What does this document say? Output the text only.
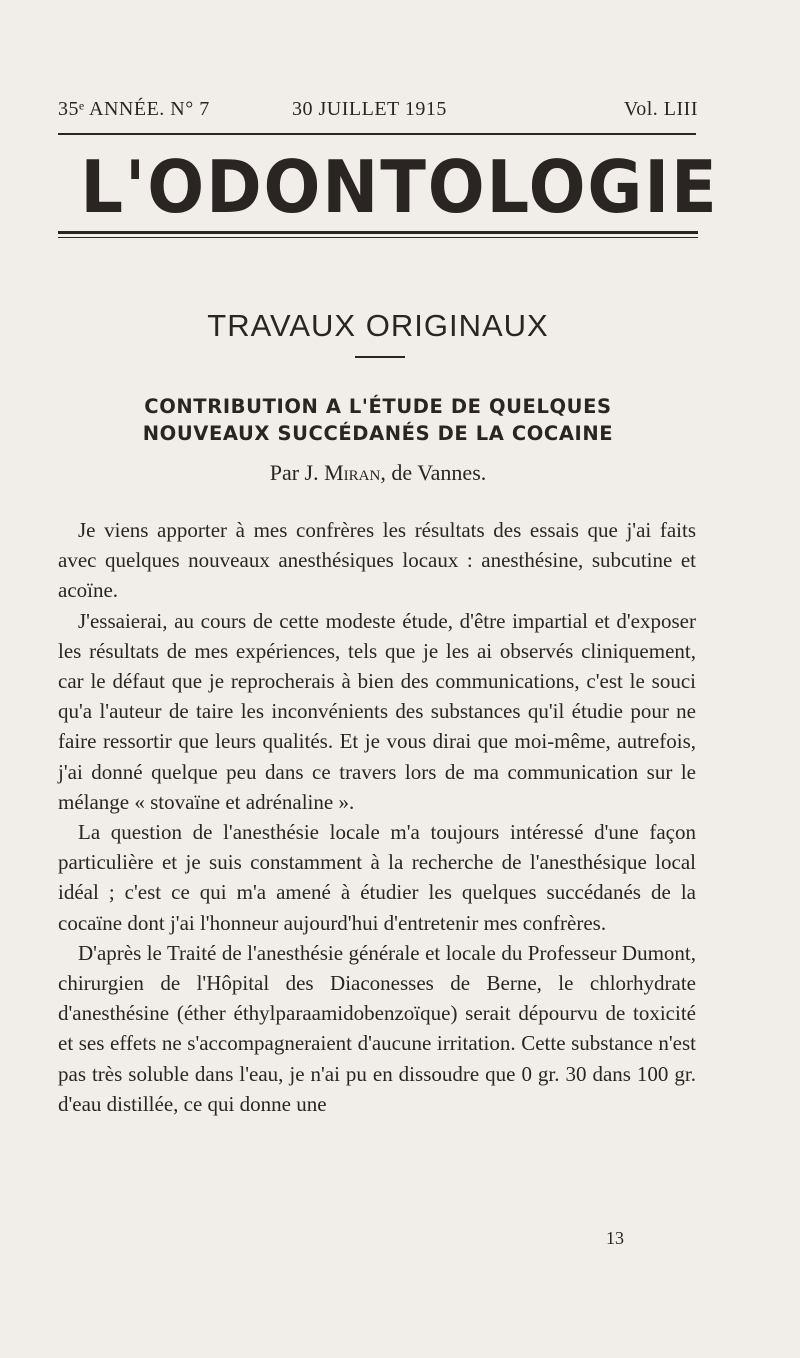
35ᵉ ANNÉE. N° 7	30 JUILLET 1915	Vol. LIII
L'ODONTOLOGIE
TRAVAUX ORIGINAUX
CONTRIBUTION A L'ÉTUDE DE QUELQUES
NOUVEAUX SUCCÉDANÉS DE LA COCAINE
Par J. Miran, de Vannes.

Je viens apporter à mes confrères les résultats des essais que j'ai faits avec quelques nouveaux anesthésiques locaux : anesthésine, subcutine et acoïne.

J'essaierai, au cours de cette modeste étude, d'être impartial et d'exposer les résultats de mes expériences, tels que je les ai observés cliniquement, car le défaut que je reprocherais à bien des communications, c'est le souci qu'a l'auteur de taire les inconvénients des substances qu'il étudie pour ne faire ressortir que leurs qualités. Et je vous dirai que moi-même, autrefois, j'ai donné quelque peu dans ce travers lors de ma communication sur le mélange « stovaïne et adrénaline ».

La question de l'anesthésie locale m'a toujours intéressé d'une façon particulière et je suis constamment à la recherche de l'anesthésique local idéal ; c'est ce qui m'a amené à étudier les quelques succédanés de la cocaïne dont j'ai l'honneur aujourd'hui d'entretenir mes confrères.

D'après le Traité de l'anesthésie générale et locale du Professeur Dumont, chirurgien de l'Hôpital des Diaconesses de Berne, le chlorhydrate d'anesthésine (éther éthylparaamidobenzoïque) serait dépourvu de toxicité et ses effets ne s'accompagneraient d'aucune irritation. Cette substance n'est pas très soluble dans l'eau, je n'ai pu en dissoudre que 0 gr. 30 dans 100 gr. d'eau distillée, ce qui donne une

13
